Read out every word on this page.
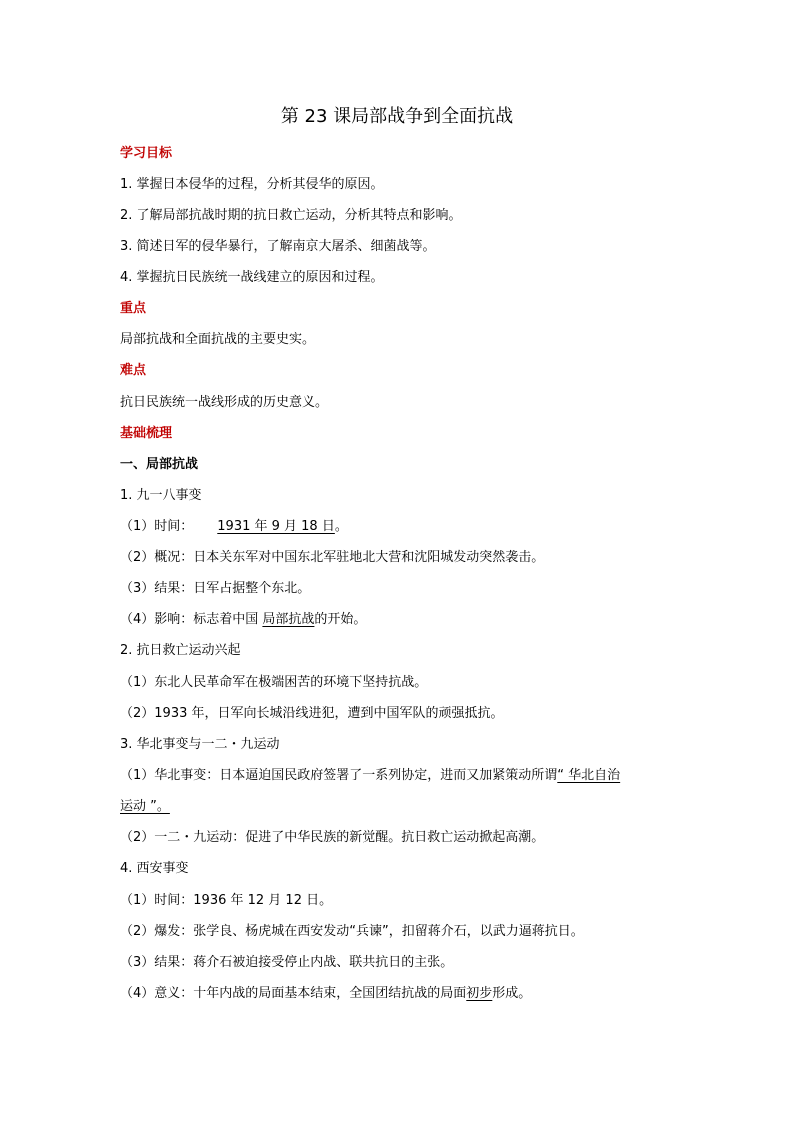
第 23 课局部战争到全面抗战
学习目标
1. 掌握日本侵华的过程，分析其侵华的原因。
2. 了解局部抗战时期的抗日救亡运动，分析其特点和影响。
3. 简述日军的侵华暴行，了解南京大屠杀、细菌战等。
4. 掌握抗日民族统一战线建立的原因和过程。
重点
局部抗战和全面抗战的主要史实。
难点
抗日民族统一战线形成的历史意义。
基础梳理
一、局部抗战
1. 九一八事变
（1）时间： 1931 年 9 月 18 日。
（2）概况：日本关东军对中国东北军驻地北大营和沈阳城发动突然袭击。
（3）结果：日军占据整个东北。
（4）影响：标志着中国 局部抗战的开始。
2. 抗日救亡运动兴起
（1）东北人民革命军在极端困苦的环境下坚持抗战。
（2）1933 年，日军向长城沿线进犯，遭到中国军队的顽强抵抗。
3. 华北事变与一二・九运动
（1）华北事变：日本逼迫国民政府签署了一系列协定，进而又加紧策动所谓“ 华北自治
运动 ”。
（2）一二・九运动：促进了中华民族的新觉醒。抗日救亡运动掀起高潮。
4. 西安事变
（1）时间：1936 年 12 月 12 日。
（2）爆发：张学良、杨虎城在西安发动“兵谏”，扣留蒋介石，以武力逼蒋抗日。
（3）结果：蒋介石被迫接受停止内战、联共抗日的主张。
（4）意义：十年内战的局面基本结束，全国团结抗战的局面初步形成。
